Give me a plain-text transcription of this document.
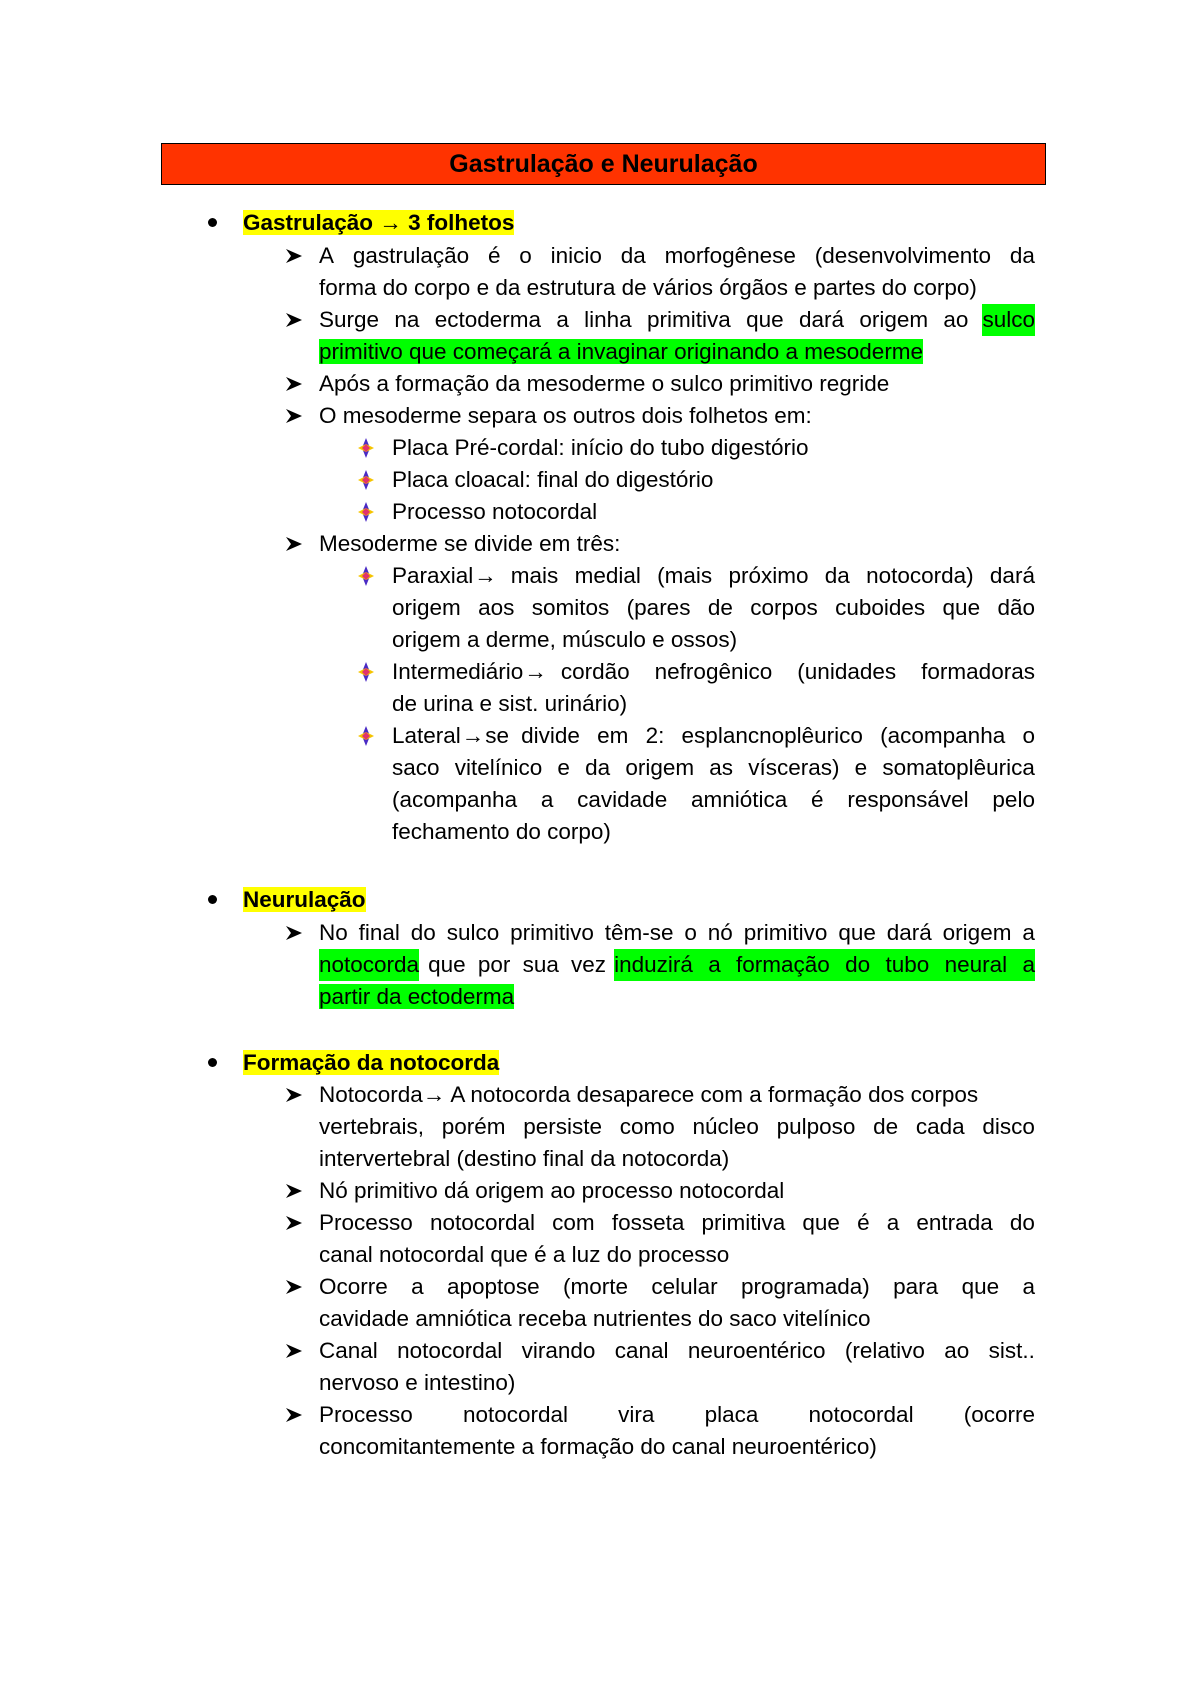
Gastrulação e Neurulação
Gastrulação → 3 folhetos
A gastrulação é o inicio da morfogênese (desenvolvimento da
forma do corpo e da estrutura de vários órgãos e partes do corpo)
Surge na ectoderma a linha primitiva que dará origem ao sulco
primitivo que começará a invaginar originando a mesoderme
Após a formação da mesoderme o sulco primitivo regride
O mesoderme separa os outros dois folhetos em:
Placa Pré-cordal: início do tubo digestório
Placa cloacal: final do digestório
Processo notocordal
Mesoderme se divide em três:
Paraxial → mais medial (mais próximo da notocorda) dará
origem aos somitos (pares de corpos cuboides que dão
origem a derme, músculo e ossos)
Intermediário → cordão nefrogênico (unidades formadoras
de urina e sist. urinário)
Lateral → se divide em 2: esplancnoplêurico (acompanha o
saco vitelínico e da origem as vísceras) e somatoplêurica
(acompanha a cavidade amniótica é responsável pelo
fechamento do corpo)
Neurulação
No final do sulco primitivo têm-se o nó primitivo que dará origem a
notocorda que por sua vez induzirá a formação do tubo neural a
partir da ectoderma
Formação da notocorda
Notocorda→ A notocorda desaparece com a formação dos corpos
vertebrais, porém persiste como núcleo pulposo de cada disco
intervertebral (destino final da notocorda)
Nó primitivo dá origem ao processo notocordal
Processo notocordal com fosseta primitiva que é a entrada do
canal notocordal que é a luz do processo
Ocorre a apoptose (morte celular programada) para que a
cavidade amniótica receba nutrientes do saco vitelínico
Canal notocordal virando canal neuroentérico (relativo ao sist..
nervoso e intestino)
Processo notocordal vira placa notocordal (ocorre
concomitantemente a formação do canal neuroentérico)
